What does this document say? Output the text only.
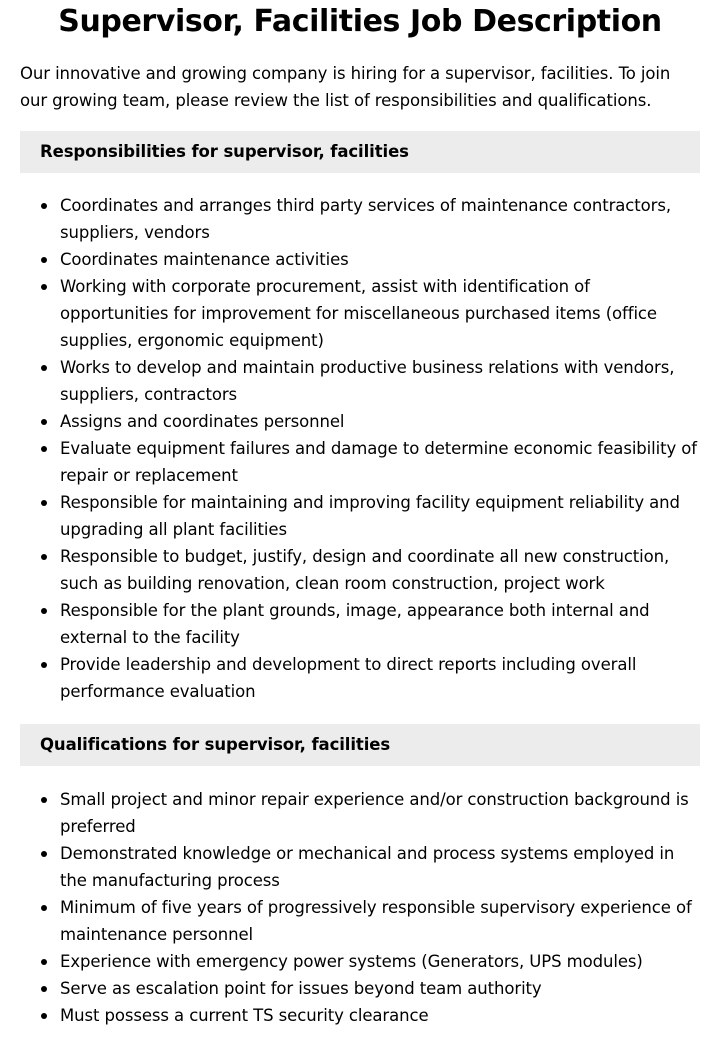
Supervisor, Facilities Job Description

Our innovative and growing company is hiring for a supervisor, facilities. To join our growing team, please review the list of responsibilities and qualifications.

Responsibilities for supervisor, facilities
Coordinates and arranges third party services of maintenance contractors, suppliers, vendors
Coordinates maintenance activities
Working with corporate procurement, assist with identification of opportunities for improvement for miscellaneous purchased items (office supplies, ergonomic equipment)
Works to develop and maintain productive business relations with vendors, suppliers, contractors
Assigns and coordinates personnel
Evaluate equipment failures and damage to determine economic feasibility of repair or replacement
Responsible for maintaining and improving facility equipment reliability and upgrading all plant facilities
Responsible to budget, justify, design and coordinate all new construction, such as building renovation, clean room construction, project work
Responsible for the plant grounds, image, appearance both internal and external to the facility
Provide leadership and development to direct reports including overall performance evaluation
Qualifications for supervisor, facilities
Small project and minor repair experience and/or construction background is preferred
Demonstrated knowledge or mechanical and process systems employed in the manufacturing process
Minimum of five years of progressively responsible supervisory experience of maintenance personnel
Experience with emergency power systems (Generators, UPS modules)
Serve as escalation point for issues beyond team authority
Must possess a current TS security clearance
